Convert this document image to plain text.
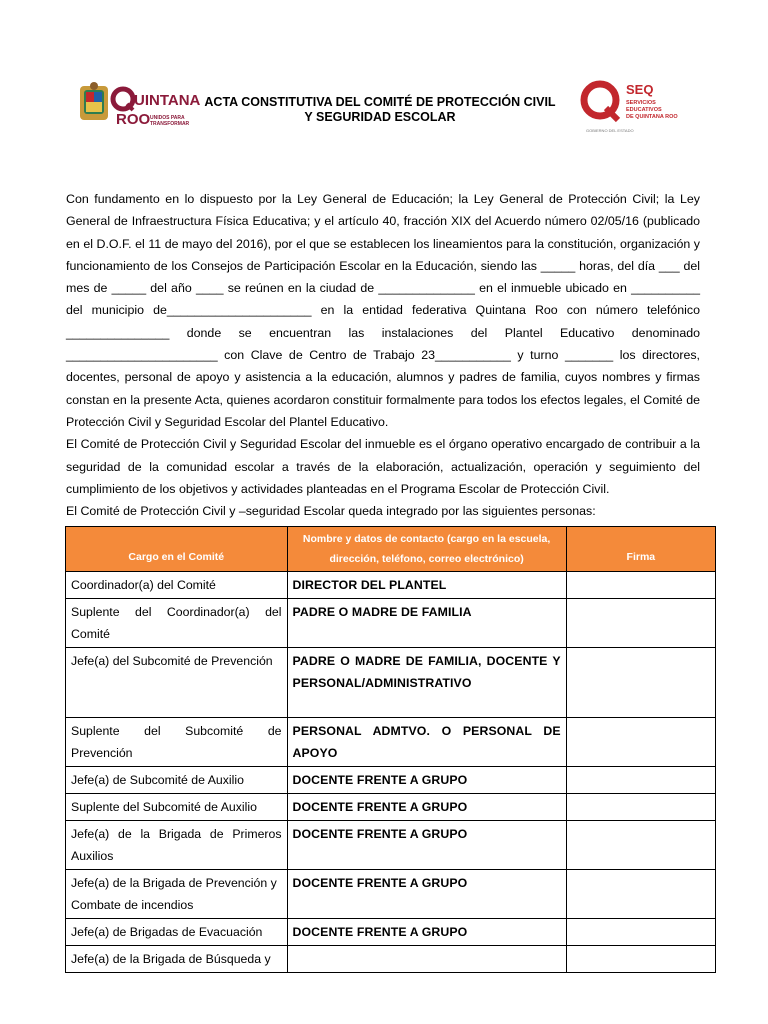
UINTANA
ROO UNIDOS PARA
TRANSFORMAR
ACTA CONSTITUTIVA DEL COMITÉ DE PROTECCIÓN CIVIL
Y SEGURIDAD ESCOLAR
GOBIERNO DEL ESTADO
SEQ
SERVICIOS
EDUCATIVOS
DE QUINTANA ROO

Con fundamento en lo dispuesto por la Ley General de Educación; la Ley General de Protección Civil; la Ley General de Infraestructura Física Educativa; y el artículo 40, fracción XIX del Acuerdo número 02/05/16 (publicado en el D.O.F. el 11 de mayo del 2016), por el que se establecen los lineamientos para la constitución, organización y funcionamiento de los Consejos de Participación Escolar en la Educación, siendo las _____ horas, del día ___ del mes de _____ del año ____ se reúnen en la ciudad de ______________ en el inmueble ubicado en __________ del municipio de_____________________ en la entidad federativa Quintana Roo con número telefónico _______________ donde se encuentran las instalaciones del Plantel Educativo denominado ______________________ con Clave de Centro de Trabajo 23___________ y turno _______ los directores, docentes, personal de apoyo y asistencia a la educación, alumnos y padres de familia, cuyos nombres y firmas constan en la presente Acta, quienes acordaron constituir formalmente para todos los efectos legales, el Comité de Protección Civil y Seguridad Escolar del Plantel Educativo.

El Comité de Protección Civil y Seguridad Escolar del inmueble es el órgano operativo encargado de contribuir a la seguridad de la comunidad escolar a través de la elaboración, actualización, operación y seguimiento del cumplimiento de los objetivos y actividades planteadas en el Programa Escolar de Protección Civil.

El Comité de Protección Civil y –seguridad Escolar queda integrado por las siguientes personas:

Cargo en el Comité	Nombre y datos de contacto (cargo en la escuela, dirección, teléfono, correo electrónico)	Firma
Coordinador(a) del Comité	DIRECTOR DEL PLANTEL	
Suplente del Coordinador(a) del Comité	PADRE O MADRE DE FAMILIA	
Jefe(a) del Subcomité de Prevención	PADRE O MADRE DE FAMILIA, DOCENTE Y PERSONAL/ADMINISTRATIVO	
Suplente del Subcomité de Prevención	PERSONAL ADMTVO. O PERSONAL DE APOYO	
Jefe(a) de Subcomité de Auxilio	DOCENTE FRENTE A GRUPO	
Suplente del Subcomité de Auxilio	DOCENTE FRENTE A GRUPO	
Jefe(a) de la Brigada de Primeros Auxilios	DOCENTE FRENTE A GRUPO	
Jefe(a) de la Brigada de Prevención y Combate de incendios	DOCENTE FRENTE A GRUPO	
Jefe(a) de Brigadas de Evacuación	DOCENTE FRENTE A GRUPO	
Jefe(a) de la Brigada de Búsqueda y		
